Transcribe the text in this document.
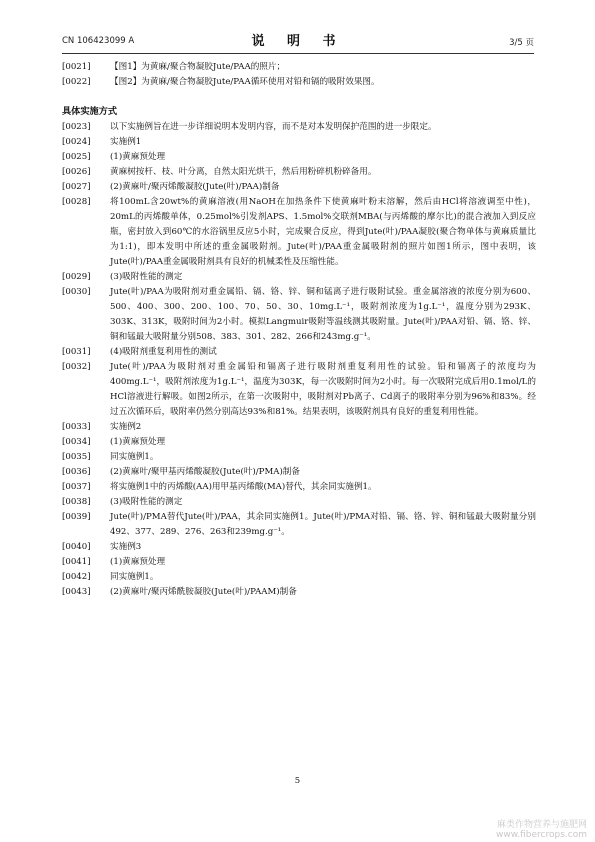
CN 106423099 A	说 明 书	3/5 页
[0021]	【图1】为黄麻/聚合物凝胶Jute/PAA的照片；
[0022]	【图2】为黄麻/聚合物凝胶Jute/PAA循环使用对铅和镉的吸附效果图。
具体实施方式
[0023]	以下实施例旨在进一步详细说明本发明内容，而不是对本发明保护范围的进一步限定。
[0024]	实施例1
[0025]	(1)黄麻预处理
[0026]	黄麻树按杆、枝、叶分离，自然太阳光烘干，然后用粉碎机粉碎备用。
[0027]	(2)黄麻叶/聚丙烯酸凝胶(Jute(叶)/PAA)制备
[0028]	将100mL含20wt%的黄麻溶液(用NaOH在加热条件下使黄麻叶粉末溶解，然后由HCl将溶液调至中性)，20mL的丙烯酸单体，0.25mol%引发剂APS、1.5mol%交联剂MBA(与丙烯酸的摩尔比)的混合液加入到反应瓶，密封放入到60℃的水浴锅里反应5小时，完成聚合反应，得到Jute(叶)/PAA凝胶(聚合物单体与黄麻质量比为1:1)，即本发明中所述的重金属吸附剂。Jute(叶)/PAA重金属吸附剂的照片如图1所示，图中表明，该Jute(叶)/PAA重金属吸附剂具有良好的机械柔性及压缩性能。
[0029]	(3)吸附性能的测定
[0030]	Jute(叶)/PAA为吸附剂对重金属铅、镉、铬、锌、铜和锰离子进行吸附试验。重金属溶液的浓度分别为600、500、400、300、200、100、70、50、30、10mg.L⁻¹，吸附剂浓度为1g.L⁻¹，温度分别为293K、303K、313K，吸附时间为2小时。模拟Langmuir吸附等温线测其吸附量。Jute(叶)/PAA对铅、镉、铬、锌、铜和锰最大吸附量分别508、383、301、282、266和243mg.g⁻¹。
[0031]	(4)吸附剂重复利用性的测试
[0032]	Jute(叶)/PAA为吸附剂对重金属铅和镉离子进行吸附剂重复利用性的试验。铅和镉离子的浓度均为400mg.L⁻¹，吸附剂浓度为1g.L⁻¹，温度为303K，每一次吸附时间为2小时。每一次吸附完成后用0.1mol/L的HCl溶液进行解吸。如图2所示，在第一次吸附中，吸附剂对Pb离子、Cd离子的吸附率分别为96%和83%。经过五次循环后，吸附率仍然分别高达93%和81%。结果表明，该吸附剂具有良好的重复利用性能。
[0033]	实施例2
[0034]	(1)黄麻预处理
[0035]	同实施例1。
[0036]	(2)黄麻叶/聚甲基丙烯酸凝胶(Jute(叶)/PMA)制备
[0037]	将实施例1中的丙烯酸(AA)用甲基丙烯酸(MA)替代，其余同实施例1。
[0038]	(3)吸附性能的测定
[0039]	Jute(叶)/PMA替代Jute(叶)/PAA，其余同实施例1。Jute(叶)/PMA对铅、镉、铬、锌、铜和锰最大吸附量分别492、377、289、276、263和239mg.g⁻¹。
[0040]	实施例3
[0041]	(1)黄麻预处理
[0042]	同实施例1。
[0043]	(2)黄麻叶/聚丙烯酰胺凝胶(Jute(叶)/PAAM)制备
5
麻类作物营养与施肥网
www.fibercrops.com
